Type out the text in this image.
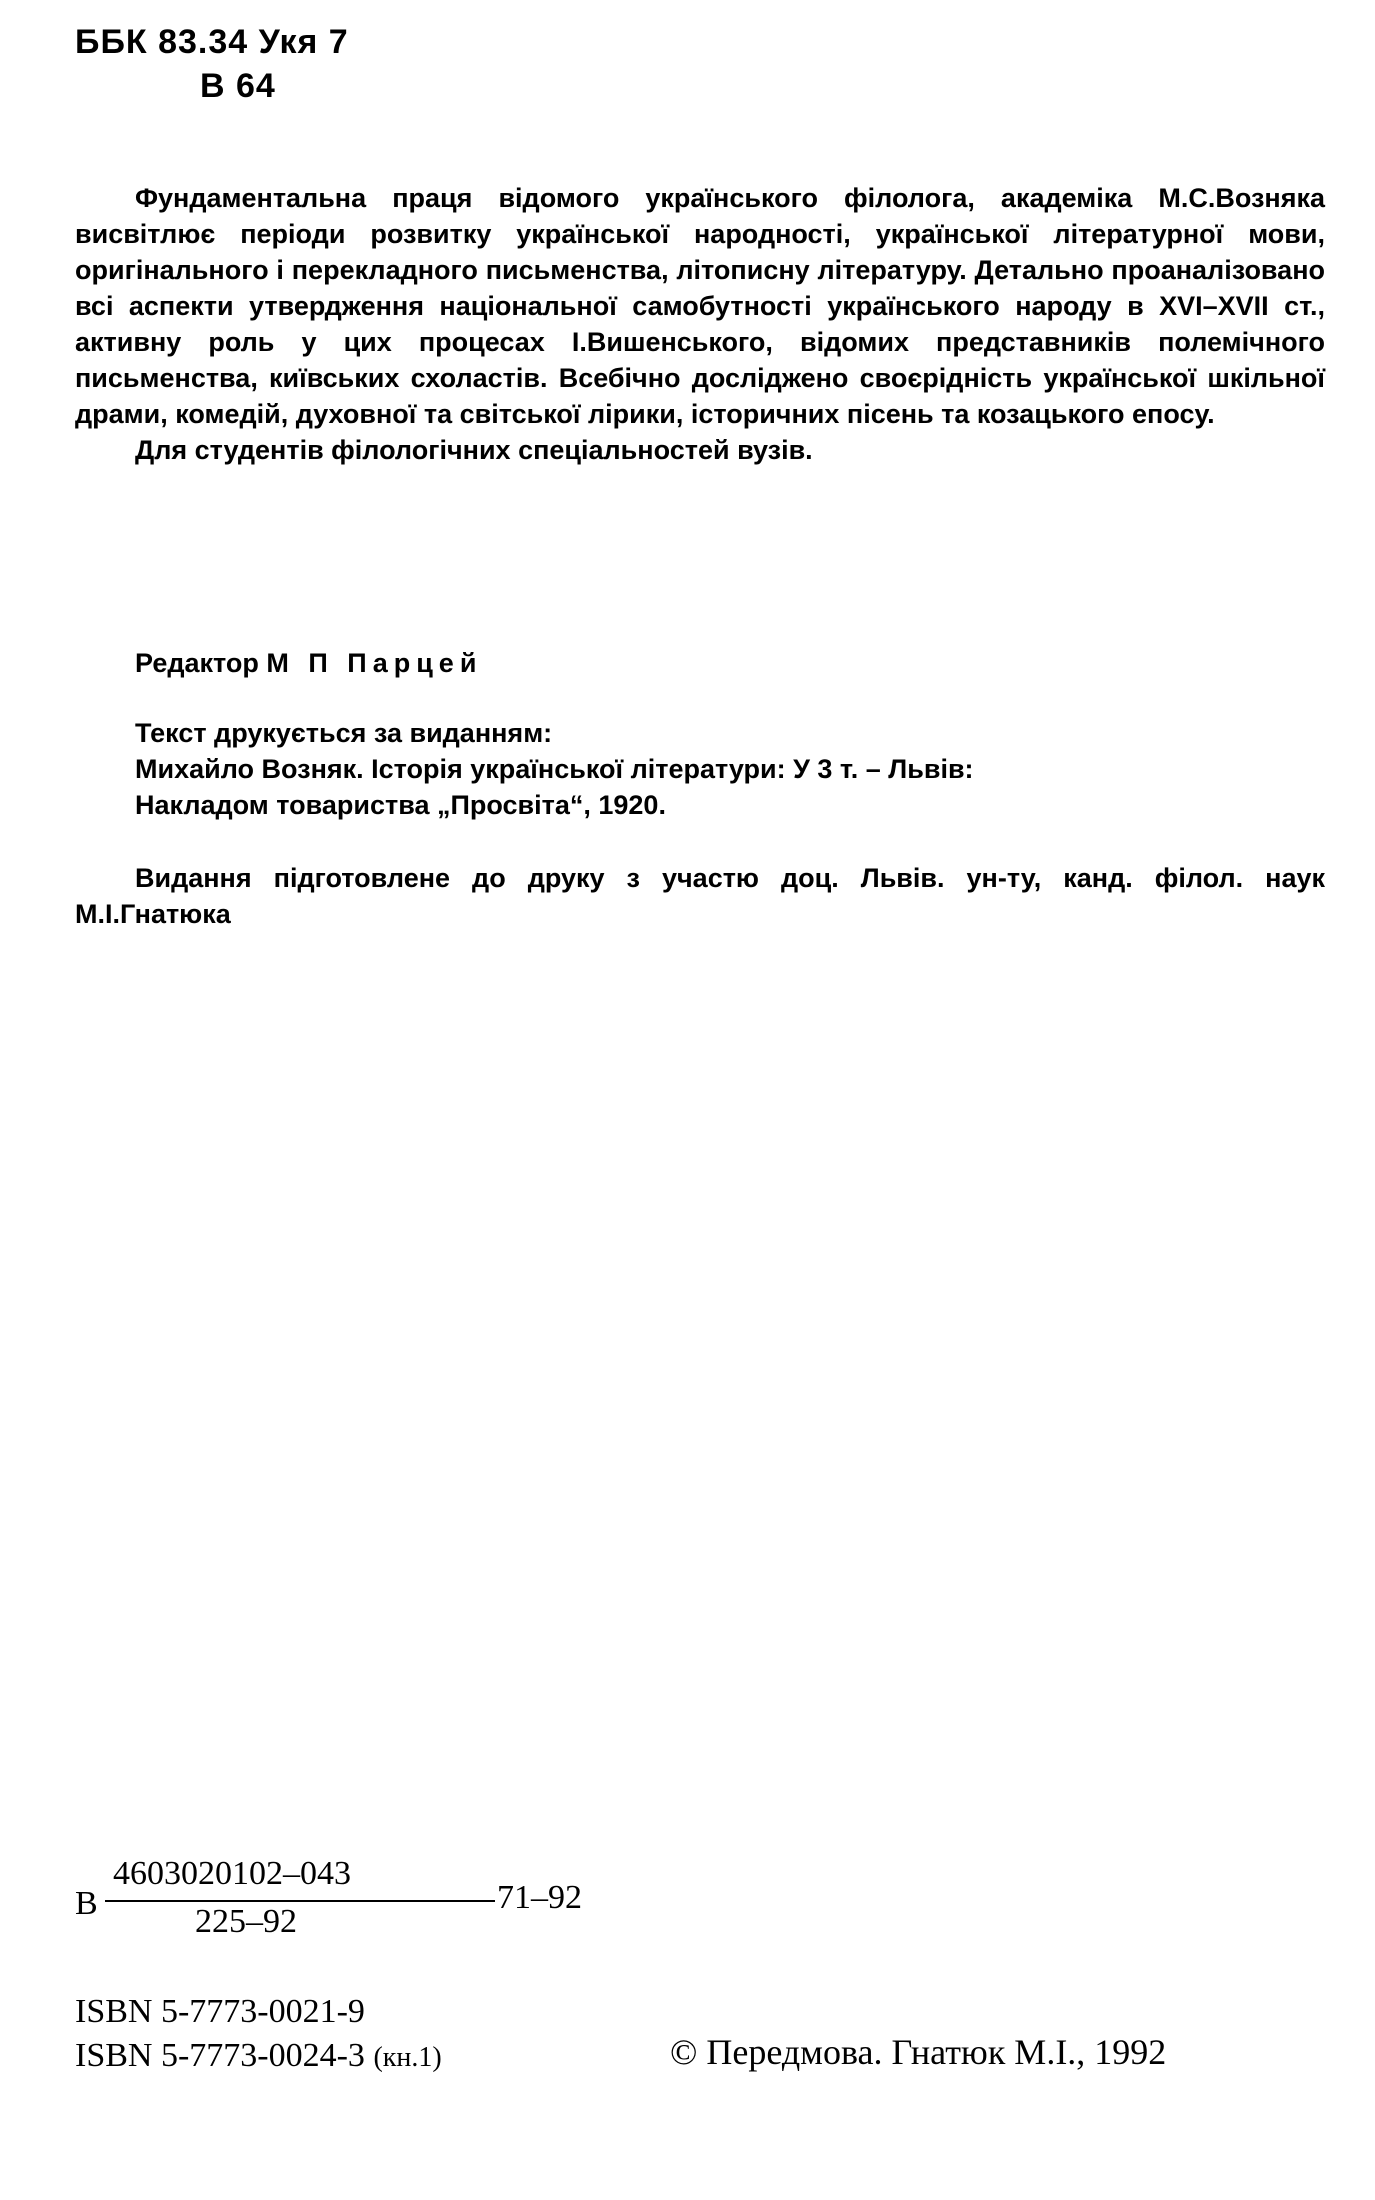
ББК 83.34 Укя 7
В 64

Фундаментальна праця відомого українського філолога, академіка М.С.Возняка висвітлює періоди розвитку української народності, української літературної мови, оригінального і перекладного письменства, літописну літературу. Детально проаналізовано всі аспекти утвердження національної самобутності українського народу в XVI–XVII ст., активну роль у цих процесах І.Вишенського, відомих представників полемічного письменства, київських схоластів. Всебічно досліджено своєрідність української шкільної драми, комедій, духовної та світської лірики, історичних пісень та козацького епосу.

Для студентів філологічних спеціальностей вузів.

Редактор М П Парцей
Текст друкується за виданням:
Михайло Возняк. Історія української літератури: У 3 т. – Львів:
Накладом товариства „Просвіта“, 1920.

Видання підготовлене до друку з участю доц. Львів. ун-ту, канд. філол. наук М.І.Гнатюка

В
4603020102–043
225–92
71–92
ISBN 5-7773-0021-9
ISBN 5-7773-0024-3 (кн.1)	© Передмова. Гнатюк М.І., 1992
